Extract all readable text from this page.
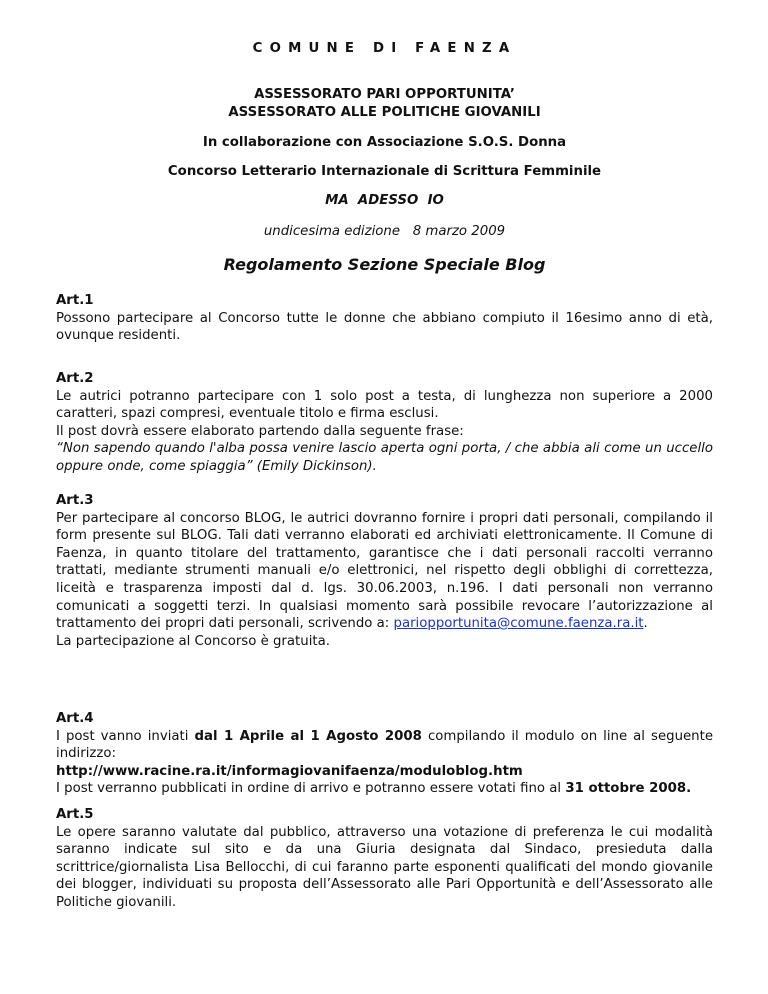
COMUNE DI FAENZA
ASSESSORATO PARI OPPORTUNITA’
ASSESSORATO ALLE POLITICHE GIOVANILI
In collaborazione con Associazione S.O.S. Donna
Concorso Letterario Internazionale di Scrittura Femminile
MA  ADESSO  IO
undicesima edizione 8 marzo 2009
Regolamento Sezione Speciale Blog
Art.1

Possono partecipare al Concorso tutte le donne che abbiano compiuto il 16esimo anno di età, ovunque residenti.

Art.2

Le autrici potranno partecipare con 1 solo post a testa, di lunghezza non superiore a 2000 caratteri, spazi compresi, eventuale titolo e firma esclusi.

Il post dovrà essere elaborato partendo dalla seguente frase:

“Non sapendo quando l'alba possa venire lascio aperta ogni porta, / che abbia ali come un uccello oppure onde, come spiaggia” (Emily Dickinson).

Art.3

Per partecipare al concorso BLOG, le autrici dovranno fornire i propri dati personali, compilando il form presente sul BLOG. Tali dati verranno elaborati ed archiviati elettronicamente. Il Comune di Faenza, in quanto titolare del trattamento, garantisce che i dati personali raccolti verranno trattati, mediante strumenti manuali e/o elettronici, nel rispetto degli obblighi di correttezza, liceità e trasparenza imposti dal d. lgs. 30.06.2003, n.196. I dati personali non verranno comunicati a soggetti terzi. In qualsiasi momento sarà possibile revocare l’autorizzazione al trattamento dei propri dati personali, scrivendo a: pariopportunita@comune.faenza.ra.it.

La partecipazione al Concorso è gratuita.

Art.4

I post vanno inviati dal 1 Aprile al 1 Agosto 2008 compilando il modulo on line al seguente indirizzo:

http://www.racine.ra.it/informagiovanifaenza/moduloblog.htm

I post verranno pubblicati in ordine di arrivo e potranno essere votati fino al 31 ottobre 2008.

Art.5

Le opere saranno valutate dal pubblico, attraverso una votazione di preferenza le cui modalità saranno indicate sul sito e da una Giuria designata dal Sindaco, presieduta dalla scrittrice/giornalista Lisa Bellocchi, di cui faranno parte esponenti qualificati del mondo giovanile dei blogger, individuati su proposta dell’Assessorato alle Pari Opportunità e dell’Assessorato alle Politiche giovanili.
